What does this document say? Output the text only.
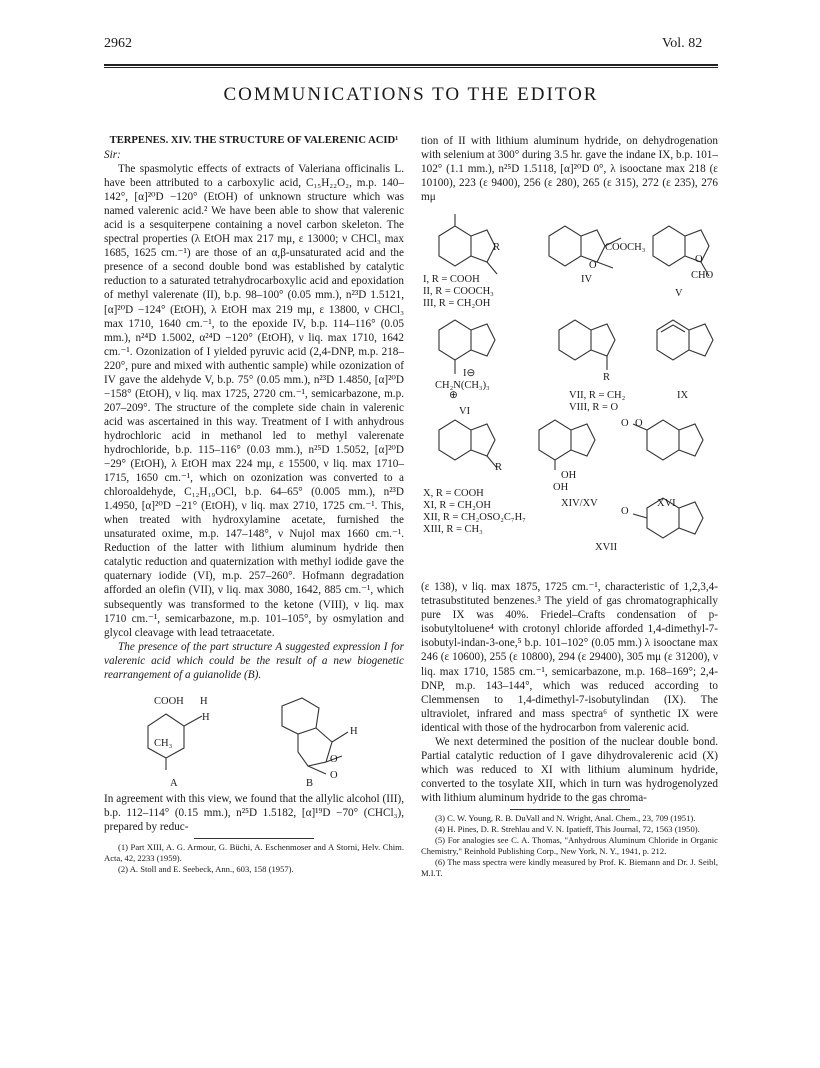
2962	Vol. 82
COMMUNICATIONS TO THE EDITOR
TERPENES. XIV. THE STRUCTURE OF VALERENIC ACID¹
Sir:

The spasmolytic effects of extracts of Valeriana officinalis L. have been attributed to a carboxylic acid, C₁₅H₂₂O₂, m.p. 140–142°, [α]²⁰D −120° (EtOH) of unknown structure which was named valerenic acid.² We have been able to show that valerenic acid is a sesquiterpene containing a novel carbon skeleton. The spectral properties (λ EtOH max 217 mμ, ε 13000; ν CHCl₃ max 1685, 1625 cm.⁻¹) are those of an α,β-unsaturated acid and the presence of a second double bond was established by catalytic reduction to a saturated tetrahydrocarboxylic acid and epoxidation of methyl valerenate (II), b.p. 98–100° (0.05 mm.), n²³D 1.5121, [α]²⁰D −124° (EtOH), λ EtOH max 219 mμ, ε 13800, ν CHCl₃ max 1710, 1640 cm.⁻¹, to the epoxide IV, b.p. 114–116° (0.05 mm.), n²⁴D 1.5002, α²⁴D −120° (EtOH), ν liq. max 1710, 1642 cm.⁻¹. Ozonization of I yielded pyruvic acid (2,4-DNP, m.p. 218–220°, pure and mixed with authentic sample) while ozonization of IV gave the aldehyde V, b.p. 75° (0.05 mm.), n²³D 1.4850, [α]²⁰D −158° (EtOH), ν liq. max 1725, 2720 cm.⁻¹, semicarbazone, m.p. 207–209°. The structure of the complete side chain in valerenic acid was ascertained in this way. Treatment of I with anhydrous hydrochloric acid in methanol led to methyl valerenate hydrochloride, b.p. 115–116° (0.03 mm.), n²⁵D 1.5052, [α]²⁰D −29° (EtOH), λ EtOH max 224 mμ, ε 15500, ν liq. max 1710–1715, 1650 cm.⁻¹, which on ozonization was converted to a chloroaldehyde, C₁₂H₁₉OCl, b.p. 64–65° (0.005 mm.), n²³D 1.4950, [α]²⁰D −21° (EtOH), ν liq. max 2710, 1725 cm.⁻¹. This, when treated with hydroxylamine acetate, furnished the unsaturated oxime, m.p. 147–148°, ν Nujol max 1660 cm.⁻¹. Reduction of the latter with lithium aluminum hydride then catalytic reduction and quaternization with methyl iodide gave the quaternary iodide (VI), m.p. 257–260°. Hofmann degradation afforded an olefin (VII), ν liq. max 3080, 1642, 885 cm.⁻¹, which subsequently was transformed to the ketone (VIII), ν liq. max 1710 cm.⁻¹, semicarbazone, m.p. 101–105°, by osmylation and glycol cleavage with lead tetraacetate.

The presence of the part structure A suggested expression I for valerenic acid which could be the result of a new biogenetic rearrangement of a guianolide (B).

COOH H
H
CH₃
O
O
H
A	B

In agreement with this view, we found that the allylic alcohol (III), b.p. 112–114° (0.15 mm.), n²⁵D 1.5182, [α]¹⁹D −70° (CHCl₃), prepared by reduc-

(1) Part XIII, A. G. Armour, G. Büchi, A. Eschenmoser and A Storni, Helv. Chim. Acta, 42, 2233 (1959).

(2) A. Stoll and E. Seebeck, Ann., 603, 158 (1957).

tion of II with lithium aluminum hydride, on dehydrogenation with selenium at 300° during 3.5 hr. gave the indane IX, b.p. 101–102° (1.1 mm.), n²⁵D 1.5118, [α]²⁰D 0°, λ isooctane max 218 (ε 10100), 223 (ε 9400), 256 (ε 280), 265 (ε 315), 272 (ε 235), 276 mμ

R	COOCH₃
CHO
O
O
I, R = COOH
II, R = COOCH₃
III, R = CH₂OH
IV
V
I⊖
CH₂N(CH₃)₃
⊕
R
VI
VII, R = CH₂
VIII, R = O
IX
R
OH
OH
O O
X, R = COOH
XI, R = CH₂OH
XII, R = CH₂OSO₂C₇H₇
XIII, R = CH₃
XIV/XV	XVI
O
XVII

(ε 138), ν liq. max 1875, 1725 cm.⁻¹, characteristic of 1,2,3,4-tetrasubstituted benzenes.³ The yield of gas chromatographically pure IX was 40%. Friedel–Crafts condensation of p-isobutyltoluene⁴ with crotonyl chloride afforded 1,4-dimethyl-7-isobutyl-indan-3-one,⁵ b.p. 101–102° (0.05 mm.) λ isooctane max 246 (ε 10600), 255 (ε 10800), 294 (ε 29400), 305 mμ (ε 31200), ν liq. max 1710, 1585 cm.⁻¹, semicarbazone, m.p. 168–169°; 2,4-DNP, m.p. 143–144°, which was reduced according to Clemmensen to 1,4-dimethyl-7-isobutylindan (IX). The ultraviolet, infrared and mass spectra⁶ of synthetic IX were identical with those of the hydrocarbon from valerenic acid.

We next determined the position of the nuclear double bond. Partial catalytic reduction of I gave dihydrovalerenic acid (X) which was reduced to XI with lithium aluminum hydride, converted to the tosylate XII, which in turn was hydrogenolyzed with lithium aluminum hydride to the gas chroma-

(3) C. W. Young, R. B. DuVall and N. Wright, Anal. Chem., 23, 709 (1951).

(4) H. Pines, D. R. Strehlau and V. N. Ipatieff, This Journal, 72, 1563 (1950).

(5) For analogies see C. A. Thomas, "Anhydrous Aluminum Chloride in Organic Chemistry," Reinhold Publishing Corp., New York, N. Y., 1941, p. 212.

(6) The mass spectra were kindly measured by Prof. K. Biemann and Dr. J. Seibl, M.I.T.
